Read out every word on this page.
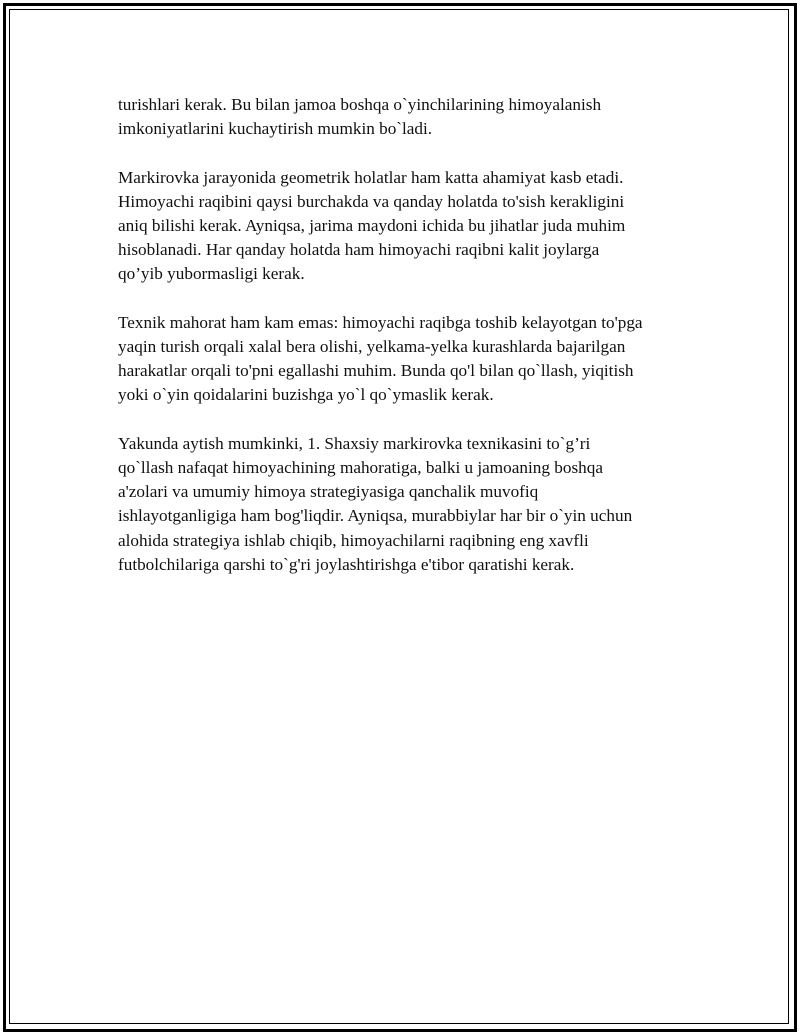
turishlari kerak. Bu bilan jamoa boshqa o`yinchilarining himoyalanish
imkoniyatlarini kuchaytirish mumkin bo`ladi.

Markirovka jarayonida geometrik holatlar ham katta ahamiyat kasb etadi.
Himoyachi raqibini qaysi burchakda va qanday holatda to'sish kerakligini
aniq bilishi kerak. Ayniqsa, jarima maydoni ichida bu jihatlar juda muhim
hisoblanadi. Har qanday holatda ham himoyachi raqibni kalit joylarga
qo’yib yubormasligi kerak.

Texnik mahorat ham kam emas: himoyachi raqibga toshib kelayotgan to'pga
yaqin turish orqali xalal bera olishi, yelkama-yelka kurashlarda bajarilgan
harakatlar orqali to'pni egallashi muhim. Bunda qo'l bilan qo`llash, yiqitish
yoki o`yin qoidalarini buzishga yo`l qo`ymaslik kerak.

Yakunda aytish mumkinki, 1. Shaxsiy markirovka texnikasini to`g’ri
qo`llash nafaqat himoyachining mahoratiga, balki u jamoaning boshqa
a'zolari va umumiy himoya strategiyasiga qanchalik muvofiq
ishlayotganligiga ham bog'liqdir. Ayniqsa, murabbiylar har bir o`yin uchun
alohida strategiya ishlab chiqib, himoyachilarni raqibning eng xavfli
futbolchilariga qarshi to`g'ri joylashtirishga e'tibor qaratishi kerak.
